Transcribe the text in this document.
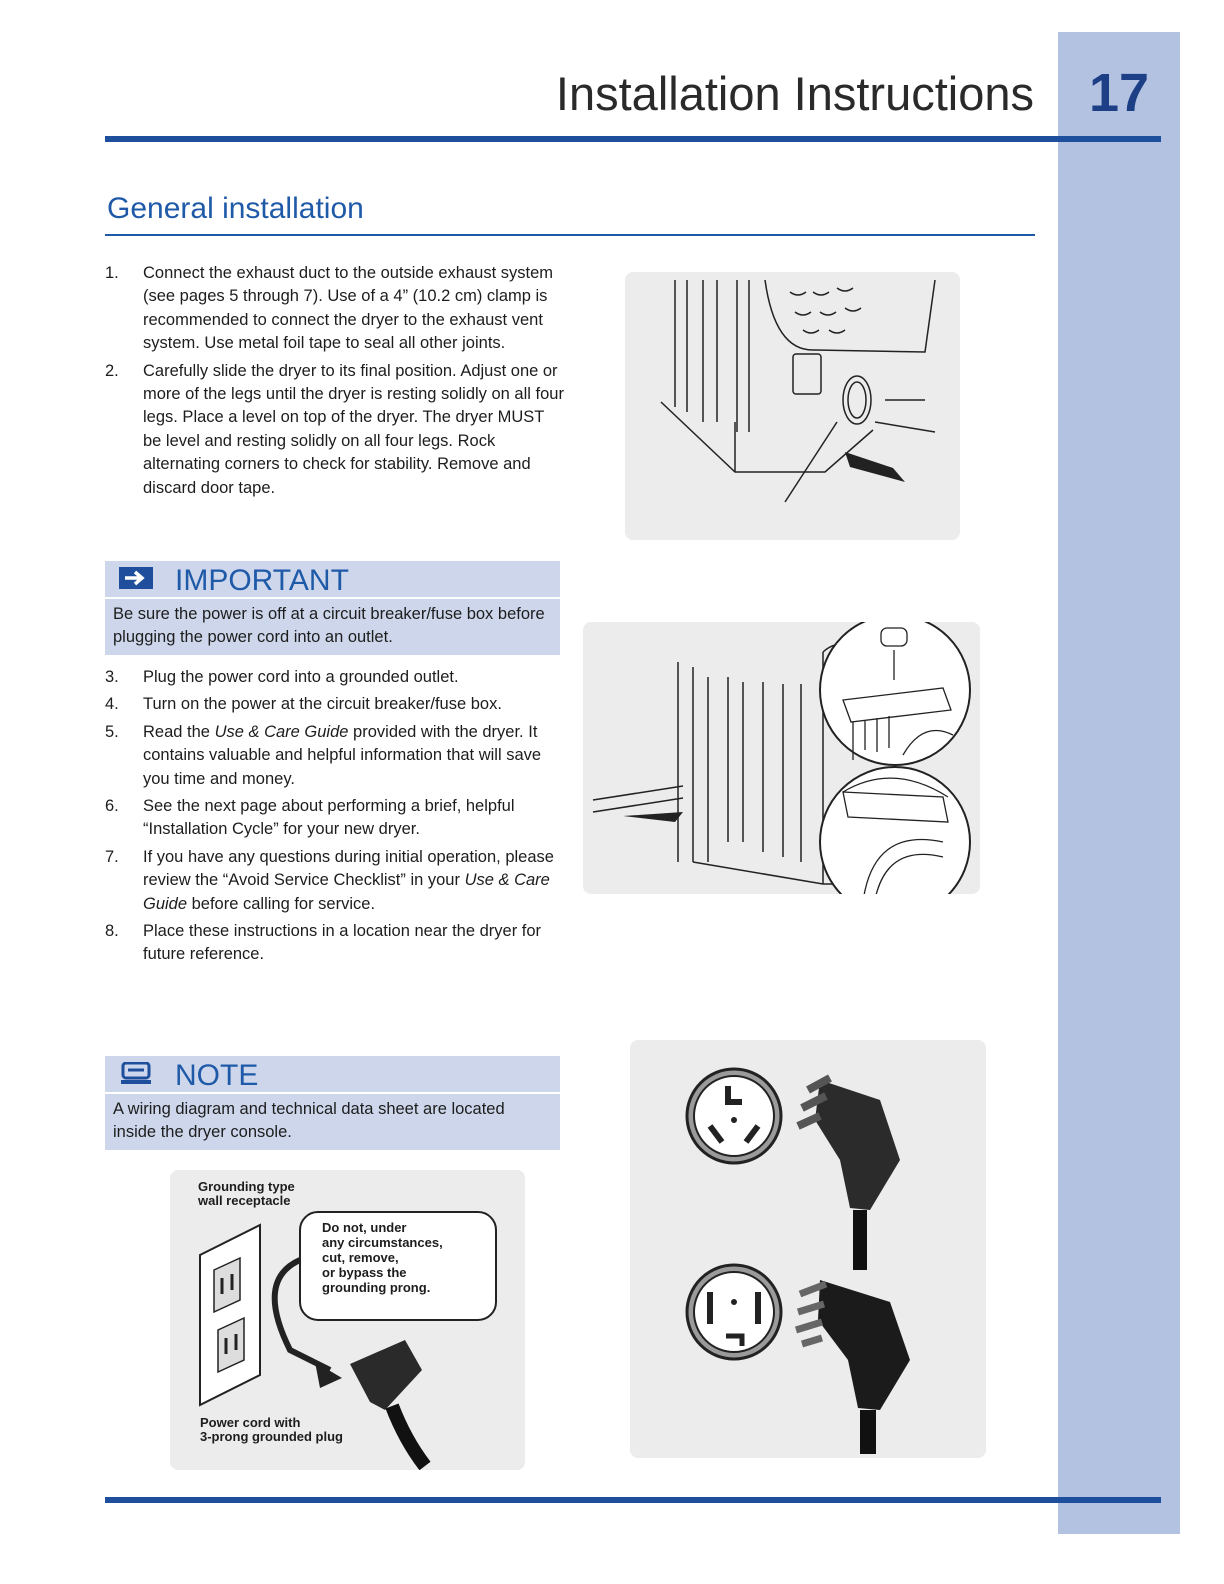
17
Installation Instructions
General installation
1. Connect the exhaust duct to the outside exhaust system (see pages 5 through 7). Use of a 4” (10.2 cm) clamp is recommended to connect the dryer to the exhaust vent system. Use metal foil tape to seal all other joints.
2. Carefully slide the dryer to its final position. Adjust one or more of the legs until the dryer is resting solidly on all four legs. Place a level on top of the dryer. The dryer MUST be level and resting solidly on all four legs. Rock alternating corners to check for stability. Remove and discard door tape.
IMPORTANT
Be sure the power is off at a circuit breaker/fuse box before plugging the power cord into an outlet.
3. Plug the power cord into a grounded outlet.
4. Turn on the power at the circuit breaker/fuse box.
5. Read the Use & Care Guide provided with the dryer. It contains valuable and helpful information that will save you time and money.
6. See the next page about performing a brief, helpful “Installation Cycle” for your new dryer.
7. If you have any questions during initial operation, please review the “Avoid Service Checklist” in your Use & Care Guide before calling for service.
8. Place these instructions in a location near the dryer for future reference.
NOTE
A wiring diagram and technical data sheet are located inside the dryer console.
Grounding type
wall receptacle
Do not, under
any circumstances,
cut, remove,
or bypass the
grounding prong.
Power cord with
3-prong grounded plug
